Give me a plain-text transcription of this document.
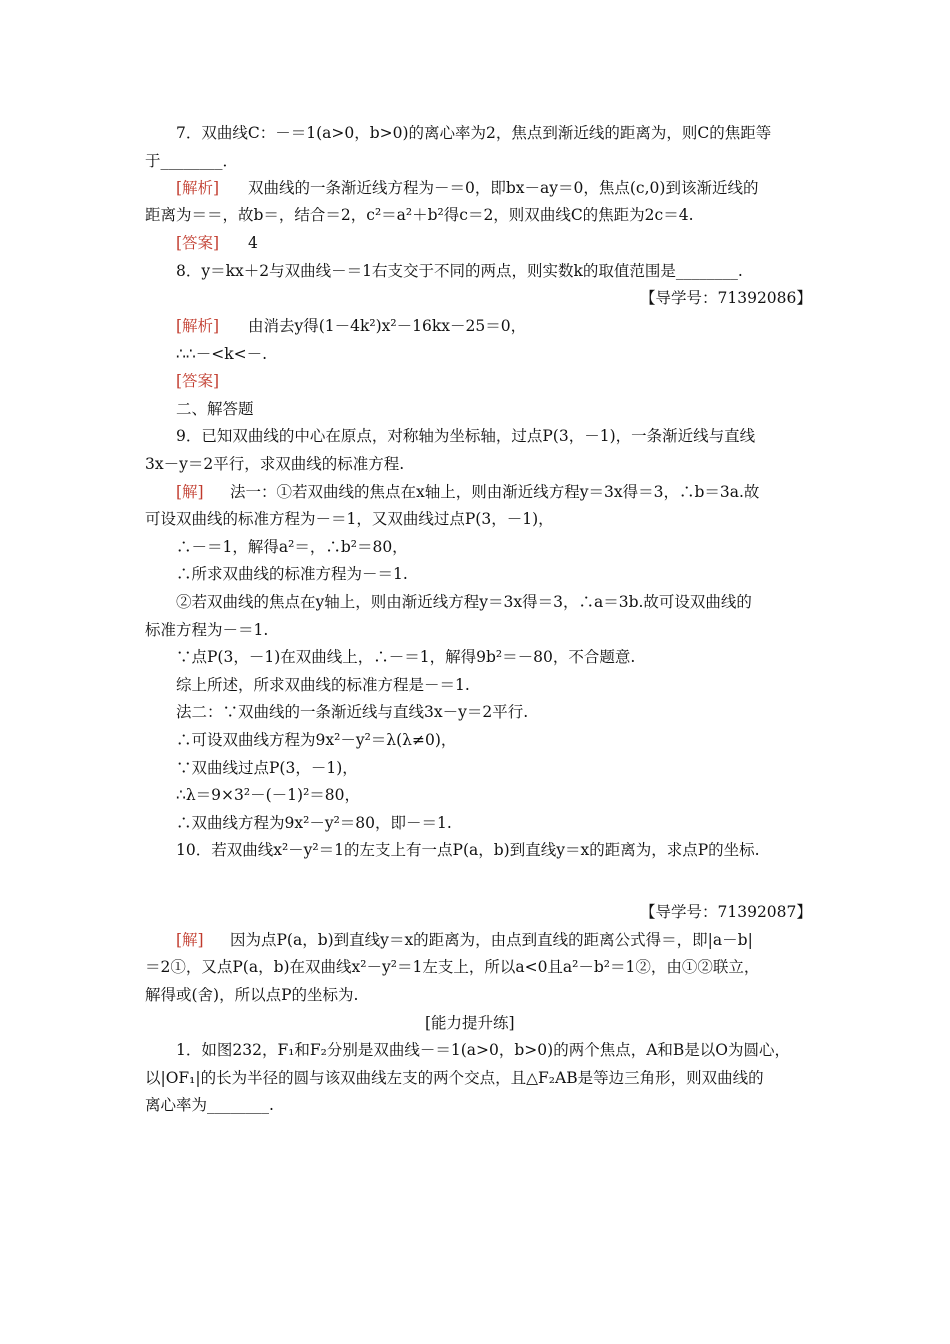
7．双曲线C：－＝1(a>0，b>0)的离心率为2，焦点到渐近线的距离为，则C的焦距等
于________．
[解析] 双曲线的一条渐近线方程为－＝0，即bx－ay＝0，焦点(c,0)到该渐近线的
距离为＝＝，故b＝，结合＝2，c²＝a²＋b²得c＝2，则双曲线C的焦距为2c＝4.
[答案] 4
8．y＝kx＋2与双曲线－＝1右支交于不同的两点，则实数k的取值范围是________.
【导学号：71392086】
[解析] 由消去y得(1－4k²)x²－16kx－25＝0，
∴∴－<k<－.
[答案]
二、解答题
9．已知双曲线的中心在原点，对称轴为坐标轴，过点P(3，－1)，一条渐近线与直线
3x－y＝2平行，求双曲线的标准方程.
[解] 法一：①若双曲线的焦点在x轴上，则由渐近线方程y＝3x得＝3，∴b＝3a.故
可设双曲线的标准方程为－＝1，又双曲线过点P(3，－1)，
∴－＝1，解得a²＝，∴b²＝80，
∴所求双曲线的标准方程为－＝1.
②若双曲线的焦点在y轴上，则由渐近线方程y＝3x得＝3，∴a＝3b.故可设双曲线的
标准方程为－＝1.
∵点P(3，－1)在双曲线上，∴－＝1，解得9b²＝－80，不合题意.
综上所述，所求双曲线的标准方程是－＝1.
法二：∵双曲线的一条渐近线与直线3x－y＝2平行.
∴可设双曲线方程为9x²－y²＝λ(λ≠0)，
∵双曲线过点P(3，－1)，
∴λ＝9×3²－(－1)²＝80，
∴双曲线方程为9x²－y²＝80，即－＝1.
10．若双曲线x²－y²＝1的左支上有一点P(a，b)到直线y＝x的距离为，求点P的坐标.
【导学号：71392087】
[解] 因为点P(a，b)到直线y＝x的距离为，由点到直线的距离公式得＝，即|a－b|
＝2①，又点P(a，b)在双曲线x²－y²＝1左支上，所以a<0且a²－b²＝1②，由①②联立，
解得或(舍)，所以点P的坐标为.
[能力提升练]
1．如图232，F₁和F₂分别是双曲线－＝1(a>0，b>0)的两个焦点，A和B是以O为圆心，
以|OF₁|的长为半径的圆与该双曲线左支的两个交点，且△F₂AB是等边三角形，则双曲线的
离心率为________.
